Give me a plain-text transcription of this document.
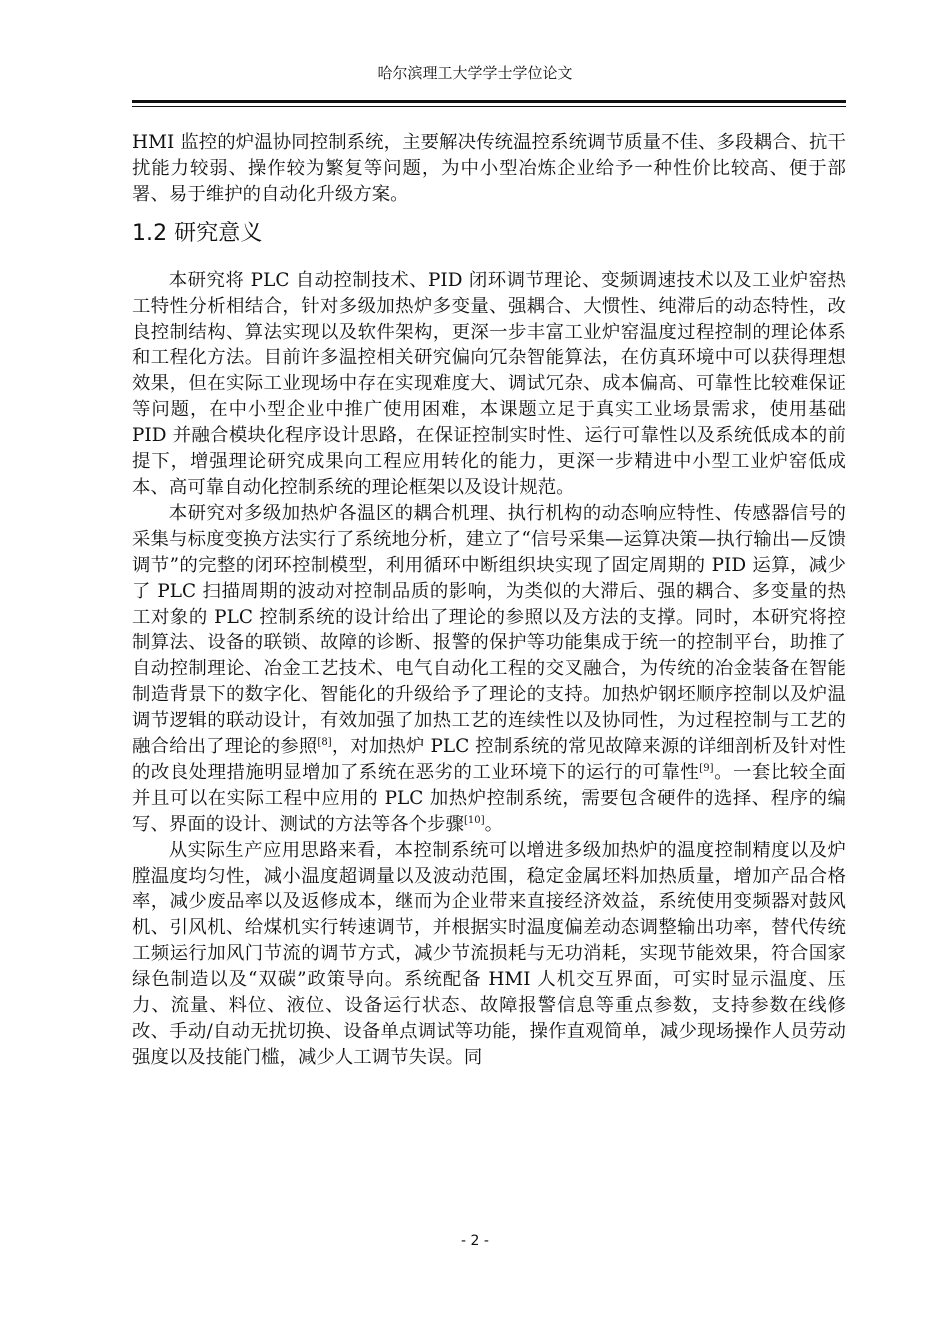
哈尔滨理工大学学士学位论文

HMI 监控的炉温协同控制系统，主要解决传统温控系统调节质量不佳、多段耦合、抗干扰能力较弱、操作较为繁复等问题，为中小型冶炼企业给予一种性价比较高、便于部署、易于维护的自动化升级方案。

1.2 研究意义

本研究将 PLC 自动控制技术、PID 闭环调节理论、变频调速技术以及工业炉窑热工特性分析相结合，针对多级加热炉多变量、强耦合、大惯性、纯滞后的动态特性，改良控制结构、算法实现以及软件架构，更深一步丰富工业炉窑温度过程控制的理论体系和工程化方法。目前许多温控相关研究偏向冗杂智能算法，在仿真环境中可以获得理想效果，但在实际工业现场中存在实现难度大、调试冗杂、成本偏高、可靠性比较难保证等问题，在中小型企业中推广使用困难，本课题立足于真实工业场景需求，使用基础 PID 并融合模块化程序设计思路，在保证控制实时性、运行可靠性以及系统低成本的前提下，增强理论研究成果向工程应用转化的能力，更深一步精进中小型工业炉窑低成本、高可靠自动化控制系统的理论框架以及设计规范。

本研究对多级加热炉各温区的耦合机理、执行机构的动态响应特性、传感器信号的采集与标度变换方法实行了系统地分析，建立了“信号采集—运算决策—执行输出—反馈调节”的完整的闭环控制模型，利用循环中断组织块实现了固定周期的 PID 运算，减少了 PLC 扫描周期的波动对控制品质的影响，为类似的大滞后、强的耦合、多变量的热工对象的 PLC 控制系统的设计给出了理论的参照以及方法的支撑。同时，本研究将控制算法、设备的联锁、故障的诊断、报警的保护等功能集成于统一的控制平台，助推了自动控制理论、冶金工艺技术、电气自动化工程的交叉融合，为传统的冶金装备在智能制造背景下的数字化、智能化的升级给予了理论的支持。加热炉钢坯顺序控制以及炉温调节逻辑的联动设计，有效加强了加热工艺的连续性以及协同性，为过程控制与工艺的融合给出了理论的参照[8]，对加热炉 PLC 控制系统的常见故障来源的详细剖析及针对性的改良处理措施明显增加了系统在恶劣的工业环境下的运行的可靠性[9]。一套比较全面并且可以在实际工程中应用的 PLC 加热炉控制系统，需要包含硬件的选择、程序的编写、界面的设计、测试的方法等各个步骤[10]。

从实际生产应用思路来看，本控制系统可以增进多级加热炉的温度控制精度以及炉膛温度均匀性，减小温度超调量以及波动范围，稳定金属坯料加热质量，增加产品合格率，减少废品率以及返修成本，继而为企业带来直接经济效益，系统使用变频器对鼓风机、引风机、给煤机实行转速调节，并根据实时温度偏差动态调整输出功率，替代传统工频运行加风门节流的调节方式，减少节流损耗与无功消耗，实现节能效果，符合国家绿色制造以及“双碳”政策导向。系统配备 HMI 人机交互界面，可实时显示温度、压力、流量、料位、液位、设备运行状态、故障报警信息等重点参数，支持参数在线修改、手动/自动无扰切换、设备单点调试等功能，操作直观简单，减少现场操作人员劳动强度以及技能门槛，减少人工调节失误。同

- 2 -
